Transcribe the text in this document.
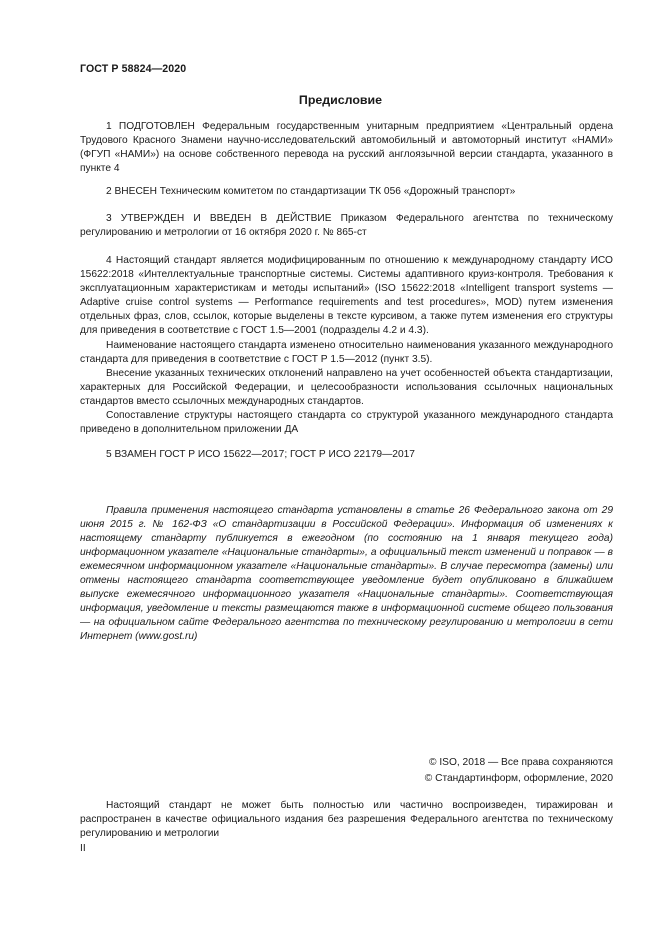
ГОСТ Р 58824—2020
Предисловие

1 ПОДГОТОВЛЕН Федеральным государственным унитарным предприятием «Центральный ордена Трудового Красного Знамени научно-исследовательский автомобильный и автомоторный институт «НАМИ» (ФГУП «НАМИ») на основе собственного перевода на русский англоязычной версии стандарта, указанного в пункте 4

2 ВНЕСЕН Техническим комитетом по стандартизации ТК 056 «Дорожный транспорт»

3 УТВЕРЖДЕН И ВВЕДЕН В ДЕЙСТВИЕ Приказом Федерального агентства по техническому регулированию и метрологии от 16 октября 2020 г. № 865-ст

4 Настоящий стандарт является модифицированным по отношению к международному стандарту ИСО 15622:2018 «Интеллектуальные транспортные системы. Системы адаптивного круиз-контроля. Требования к эксплуатационным характеристикам и методы испытаний» (ISO 15622:2018 «Intelligent transport systems — Adaptive cruise control systems — Performance requirements and test procedures», MOD) путем изменения отдельных фраз, слов, ссылок, которые выделены в тексте курсивом, а также путем изменения его структуры для приведения в соответствие с ГОСТ 1.5—2001 (подразделы 4.2 и 4.3).

Наименование настоящего стандарта изменено относительно наименования указанного международного стандарта для приведения в соответствие с ГОСТ Р 1.5—2012 (пункт 3.5).

Внесение указанных технических отклонений направлено на учет особенностей объекта стандартизации, характерных для Российской Федерации, и целесообразности использования ссылочных национальных стандартов вместо ссылочных международных стандартов.

Сопоставление структуры настоящего стандарта со структурой указанного международного стандарта приведено в дополнительном приложении ДА

5 ВЗАМЕН ГОСТ Р ИСО 15622—2017; ГОСТ Р ИСО 22179—2017

Правила применения настоящего стандарта установлены в статье 26 Федерального закона от 29 июня 2015 г. № 162-ФЗ «О стандартизации в Российской Федерации». Информация об изменениях к настоящему стандарту публикуется в ежегодном (по состоянию на 1 января текущего года) информационном указателе «Национальные стандарты», а официальный текст изменений и поправок — в ежемесячном информационном указателе «Национальные стандарты». В случае пересмотра (замены) или отмены настоящего стандарта соответствующее уведомление будет опубликовано в ближайшем выпуске ежемесячного информационного указателя «Национальные стандарты». Соответствующая информация, уведомление и тексты размещаются также в информационной системе общего пользования — на официальном сайте Федерального агентства по техническому регулированию и метрологии в сети Интернет (www.gost.ru)

© ISO, 2018 — Все права сохраняются
© Стандартинформ, оформление, 2020

Настоящий стандарт не может быть полностью или частично воспроизведен, тиражирован и распространен в качестве официального издания без разрешения Федерального агентства по техническому регулированию и метрологии

II
